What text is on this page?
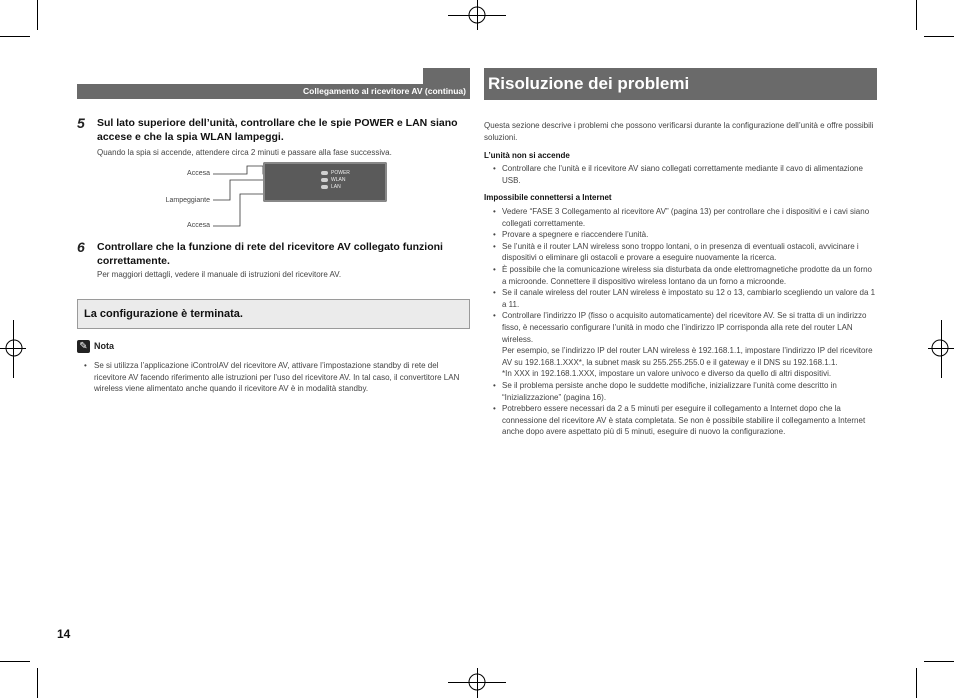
Collegamento al ricevitore AV (continua)
5 Sul lato superiore dell’unità, controllare che le spie POWER e LAN siano accese e che la spia WLAN lampeggi.
Quando la spia si accende, attendere circa 2 minuti e passare alla fase successiva.
Accesa
Lampeggiante
Accesa
POWER
WLAN
LAN
6 Controllare che la funzione di rete del ricevitore AV collegato funzioni correttamente.
Per maggiori dettagli, vedere il manuale di istruzioni del ricevitore AV.
La configurazione è terminata.
✎ Nota
• Se si utilizza l’applicazione iControlAV del ricevitore AV, attivare l’impostazione standby di rete del ricevitore AV facendo riferimento alle istruzioni per l’uso del ricevitore AV. In tal caso, il convertitore LAN wireless viene alimentato anche quando il ricevitore AV è in modalità standby.
Risoluzione dei problemi
Questa sezione descrive i problemi che possono verificarsi durante la configurazione dell’unità e offre possibili soluzioni.
L’unità non si accende
• Controllare che l’unità e il ricevitore AV siano collegati correttamente mediante il cavo di alimentazione USB.
Impossibile connettersi a Internet
• Vedere “FASE 3 Collegamento al ricevitore AV” (pagina 13) per controllare che i dispositivi e i cavi siano collegati correttamente.
• Provare a spegnere e riaccendere l’unità.
• Se l’unità e il router LAN wireless sono troppo lontani, o in presenza di eventuali ostacoli, avvicinare i dispositivi o eliminare gli ostacoli e provare a eseguire nuovamente la ricerca.
• È possibile che la comunicazione wireless sia disturbata da onde elettromagnetiche prodotte da un forno a microonde. Connettere il dispositivo wireless lontano da un forno a microonde.
• Se il canale wireless del router LAN wireless è impostato su 12 o 13, cambiarlo scegliendo un valore da 1 a 11.
• Controllare l’indirizzo IP (fisso o acquisito automaticamente) del ricevitore AV. Se si tratta di un indirizzo fisso, è necessario configurare l’unità in modo che l’indirizzo IP corrisponda alla rete del router LAN wireless.
Per esempio, se l’indirizzo IP del router LAN wireless è 192.168.1.1, impostare l’indirizzo IP del ricevitore AV su 192.168.1.XXX*, la subnet mask su 255.255.255.0 e il gateway e il DNS su 192.168.1.1.
*In XXX in 192.168.1.XXX, impostare un valore univoco e diverso da quello di altri dispositivi.
• Se il problema persiste anche dopo le suddette modifiche, inizializzare l’unità come descritto in “Inizializzazione” (pagina 16).
• Potrebbero essere necessari da 2 a 5 minuti per eseguire il collegamento a Internet dopo che la connessione del ricevitore AV è stata completata. Se non è possibile stabilire il collegamento a Internet anche dopo avere aspettato più di 5 minuti, eseguire di nuovo la configurazione.
14
